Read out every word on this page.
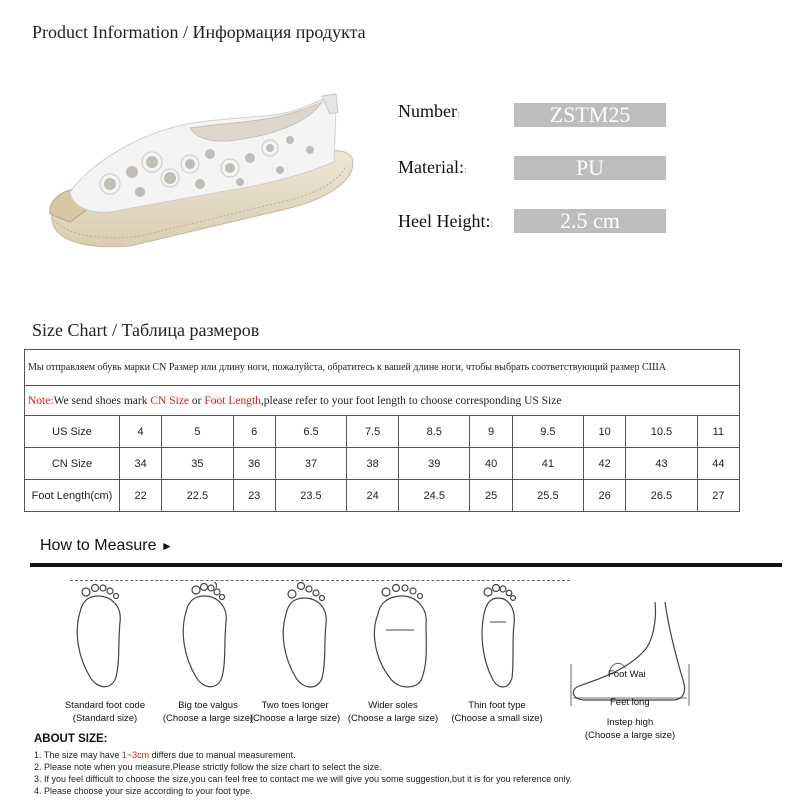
Product Information / Информация продукта
Number:	ZSTM25
Material::	PU
Heel Height::	2.5 cm
Size Chart / Таблица размеров
Мы отправляем обувь марки CN Размер или длину ноги, пожалуйста, обратитесь к вашей длине ноги, чтобы выбрать соответствующий размер США											
Note:We send shoes mark CN Size or Foot Length,please refer to your foot length to choose corresponding US Size											
US Size	4	5	6	6.5	7.5	8.5	9	9.5	10	10.5	11
CN Size	34	35	36	37	38	39	40	41	42	43	44
Foot Length(cm)	22	22.5	23	23.5	24	24.5	25	25.5	26	26.5	27
How to Measure ►
Standard foot code
(Standard size)
Big toe valgus
(Choose a large size)
Two toes longer
(Choose a large size)
Wider soles
(Choose a large size)
Thin foot type
(Choose a small size)
Foot Wai
Feet long
Instep high
(Choose a large size)
ABOUT SIZE:
1. The size may have 1~3cm differs due to manual measurement.
2. Please note when you measure.Please strictly follow the size chart to select the size.
3. If you feel difficult to choose the size,you can feel free to contact me we will give you some suggestion,but it is for you reference only.
4. Please choose your size according to your foot type.
